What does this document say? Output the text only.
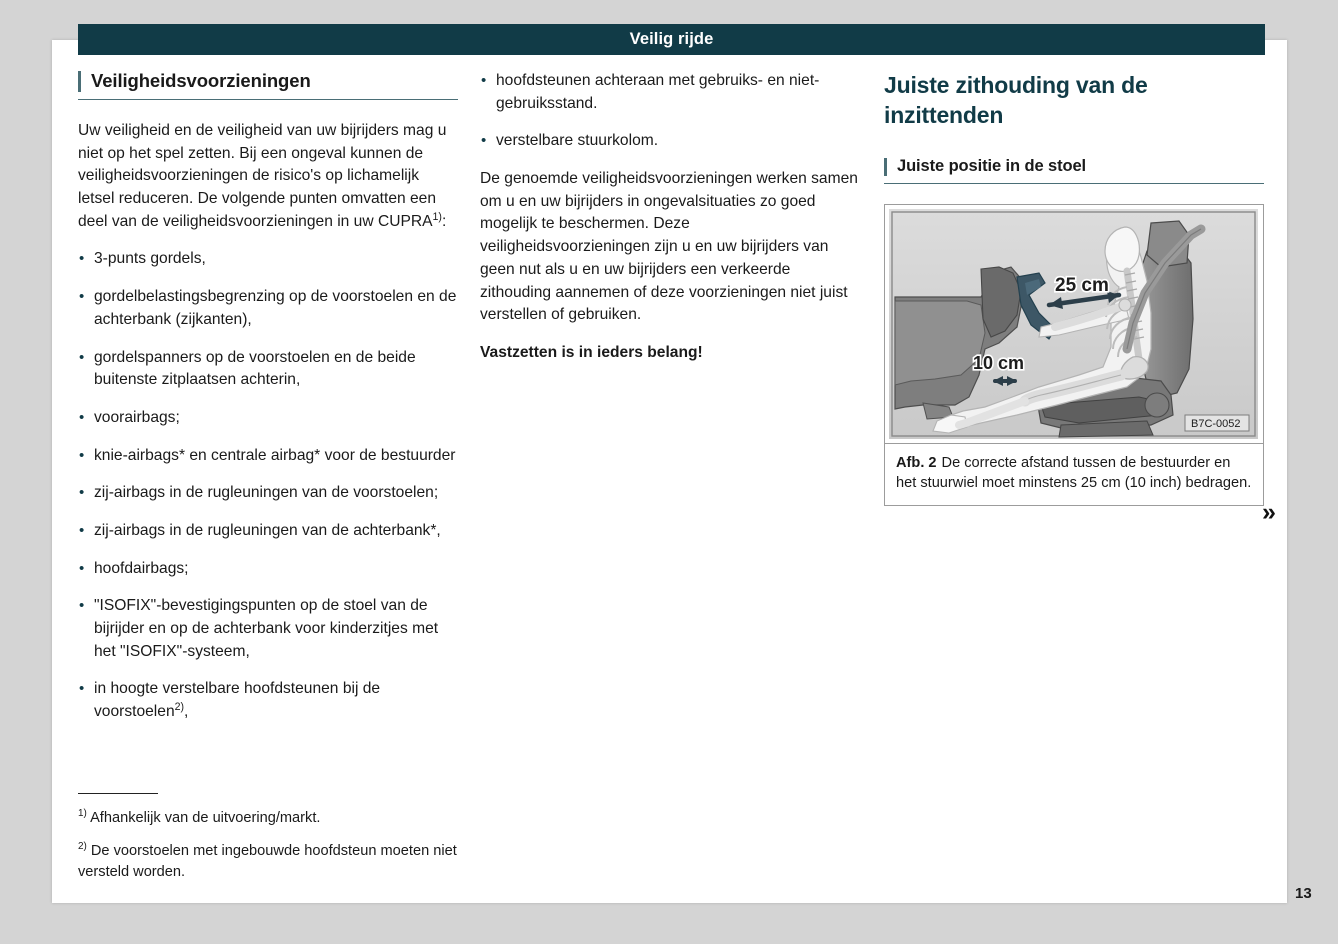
Veilig rijde
Veiligheidsvoorzieningen

Uw veiligheid en de veiligheid van uw bijrijders mag u niet op het spel zetten. Bij een ongeval kunnen de veiligheidsvoorzieningen de risico's op lichamelijk letsel reduceren. De volgende punten omvatten een deel van de veiligheidsvoorzieningen in uw CUPRA$^{1)}$:

• 3-punts gordels,
• gordelbelastingsbegrenzing op de voorstoelen en de achterbank (zijkanten),
• gordelspanners op de voorstoelen en de beide buitenste zitplaatsen achterin,
• voorairbags;
• knie-airbags* en centrale airbag* voor de bestuurder
• zij-airbags in de rugleuningen van de voorstoelen;
• zij-airbags in de rugleuningen van de achterbank*,
• hoofdairbags;
• "ISOFIX"-bevestigingspunten op de stoel van de bijrijder en op de achterbank voor kinderzitjes met het "ISOFIX"-systeem,
• in hoogte verstelbare hoofdsteunen bij de voorstoelen$^{2)}$,

$^{1)}$ Afhankelijk van de uitvoering/markt.

$^{2)}$ De voorstoelen met ingebouwde hoofdsteun moeten niet versteld worden.

• hoofdsteunen achteraan met gebruiks- en niet-gebruiksstand.
• verstelbare stuurkolom.

De genoemde veiligheidsvoorzieningen werken samen om u en uw bijrijders in ongevalsituaties zo goed mogelijk te beschermen. Deze veiligheidsvoorzieningen zijn u en uw bijrijders van geen nut als u en uw bijrijders een verkeerde zithouding aannemen of deze voorzieningen niet juist verstellen of gebruiken.

Vastzetten is in ieders belang!

Juiste zithouding van de inzittenden
Juiste positie in de stoel
25 cm
10 cm
B7C-0052
Afb. 2 De correcte afstand tussen de bestuurder en het stuurwiel moet minstens 25 cm (10 inch) bedragen.
»
13
